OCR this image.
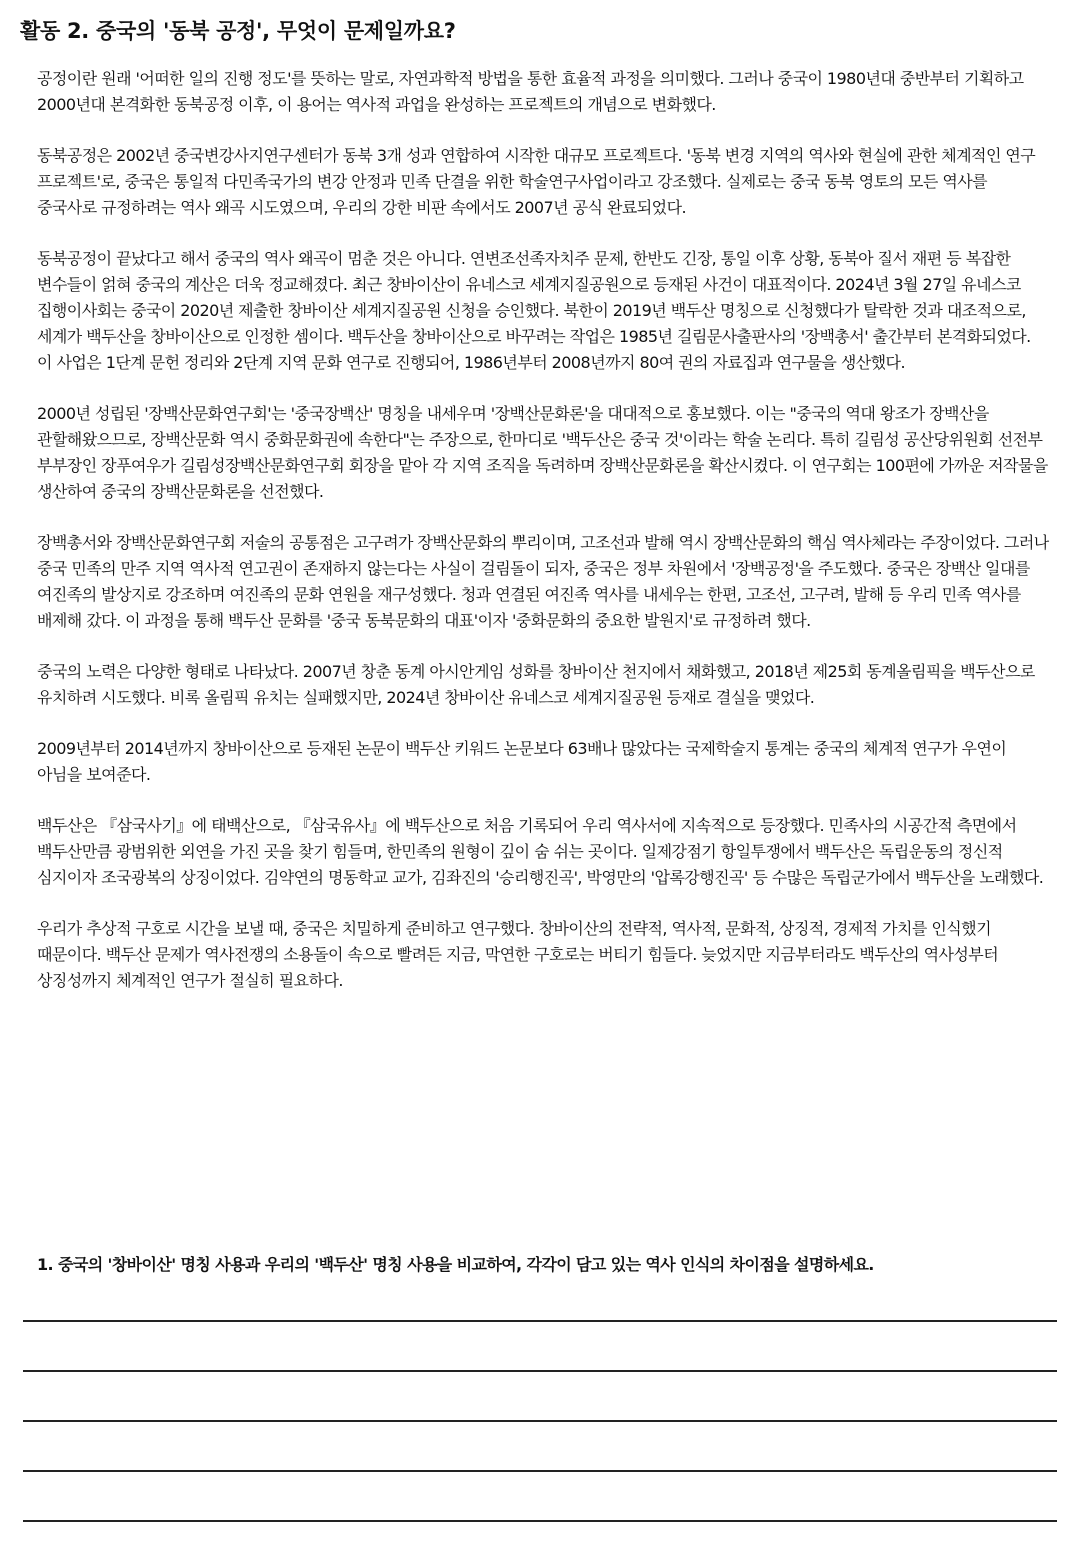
활동 2. 중국의 '동북 공정', 무엇이 문제일까요?

공정이란 원래 '어떠한 일의 진행 정도'를 뜻하는 말로, 자연과학적 방법을 통한 효율적 과정을 의미했다. 그러나 중국이 1980년대 중반부터 기획하고 2000년대 본격화한 동북공정 이후, 이 용어는 역사적 과업을 완성하는 프로젝트의 개념으로 변화했다.

동북공정은 2002년 중국변강사지연구센터가 동북 3개 성과 연합하여 시작한 대규모 프로젝트다. '동북 변경 지역의 역사와 현실에 관한 체계적인 연구 프로젝트'로, 중국은 통일적 다민족국가의 변강 안정과 민족 단결을 위한 학술연구사업이라고 강조했다. 실제로는 중국 동북 영토의 모든 역사를 중국사로 규정하려는 역사 왜곡 시도였으며, 우리의 강한 비판 속에서도 2007년 공식 완료되었다.

동북공정이 끝났다고 해서 중국의 역사 왜곡이 멈춘 것은 아니다. 연변조선족자치주 문제, 한반도 긴장, 통일 이후 상황, 동북아 질서 재편 등 복잡한 변수들이 얽혀 중국의 계산은 더욱 정교해졌다. 최근 창바이산이 유네스코 세계지질공원으로 등재된 사건이 대표적이다. 2024년 3월 27일 유네스코 집행이사회는 중국이 2020년 제출한 창바이산 세계지질공원 신청을 승인했다. 북한이 2019년 백두산 명칭으로 신청했다가 탈락한 것과 대조적으로, 세계가 백두산을 창바이산으로 인정한 셈이다. 백두산을 창바이산으로 바꾸려는 작업은 1985년 길림문사출판사의 '장백총서' 출간부터 본격화되었다. 이 사업은 1단계 문헌 정리와 2단계 지역 문화 연구로 진행되어, 1986년부터 2008년까지 80여 권의 자료집과 연구물을 생산했다.

2000년 성립된 '장백산문화연구회'는 '중국장백산' 명칭을 내세우며 '장백산문화론'을 대대적으로 홍보했다. 이는 "중국의 역대 왕조가 장백산을 관할해왔으므로, 장백산문화 역시 중화문화권에 속한다"는 주장으로, 한마디로 '백두산은 중국 것'이라는 학술 논리다. 특히 길림성 공산당위원회 선전부 부부장인 장푸여우가 길림성장백산문화연구회 회장을 맡아 각 지역 조직을 독려하며 장백산문화론을 확산시켰다. 이 연구회는 100편에 가까운 저작물을 생산하여 중국의 장백산문화론을 선전했다.

장백총서와 장백산문화연구회 저술의 공통점은 고구려가 장백산문화의 뿌리이며, 고조선과 발해 역시 장백산문화의 핵심 역사체라는 주장이었다. 그러나 중국 민족의 만주 지역 역사적 연고권이 존재하지 않는다는 사실이 걸림돌이 되자, 중국은 정부 차원에서 '장백공정'을 주도했다. 중국은 장백산 일대를 여진족의 발상지로 강조하며 여진족의 문화 연원을 재구성했다. 청과 연결된 여진족 역사를 내세우는 한편, 고조선, 고구려, 발해 등 우리 민족 역사를 배제해 갔다. 이 과정을 통해 백두산 문화를 '중국 동북문화의 대표'이자 '중화문화의 중요한 발원지'로 규정하려 했다.

중국의 노력은 다양한 형태로 나타났다. 2007년 창춘 동계 아시안게임 성화를 창바이산 천지에서 채화했고, 2018년 제25회 동계올림픽을 백두산으로 유치하려 시도했다. 비록 올림픽 유치는 실패했지만, 2024년 창바이산 유네스코 세계지질공원 등재로 결실을 맺었다.

2009년부터 2014년까지 창바이산으로 등재된 논문이 백두산 키워드 논문보다 63배나 많았다는 국제학술지 통계는 중국의 체계적 연구가 우연이 아님을 보여준다.

백두산은 『삼국사기』에 태백산으로, 『삼국유사』에 백두산으로 처음 기록되어 우리 역사서에 지속적으로 등장했다. 민족사의 시공간적 측면에서 백두산만큼 광범위한 외연을 가진 곳을 찾기 힘들며, 한민족의 원형이 깊이 숨 쉬는 곳이다. 일제강점기 항일투쟁에서 백두산은 독립운동의 정신적 심지이자 조국광복의 상징이었다. 김약연의 명동학교 교가, 김좌진의 '승리행진곡', 박영만의 '압록강행진곡' 등 수많은 독립군가에서 백두산을 노래했다.

우리가 추상적 구호로 시간을 보낼 때, 중국은 치밀하게 준비하고 연구했다. 창바이산의 전략적, 역사적, 문화적, 상징적, 경제적 가치를 인식했기 때문이다. 백두산 문제가 역사전쟁의 소용돌이 속으로 빨려든 지금, 막연한 구호로는 버티기 힘들다. 늦었지만 지금부터라도 백두산의 역사성부터 상징성까지 체계적인 연구가 절실히 필요하다.

1. 중국의 '창바이산' 명칭 사용과 우리의 '백두산' 명칭 사용을 비교하여, 각각이 담고 있는 역사 인식의 차이점을 설명하세요.
